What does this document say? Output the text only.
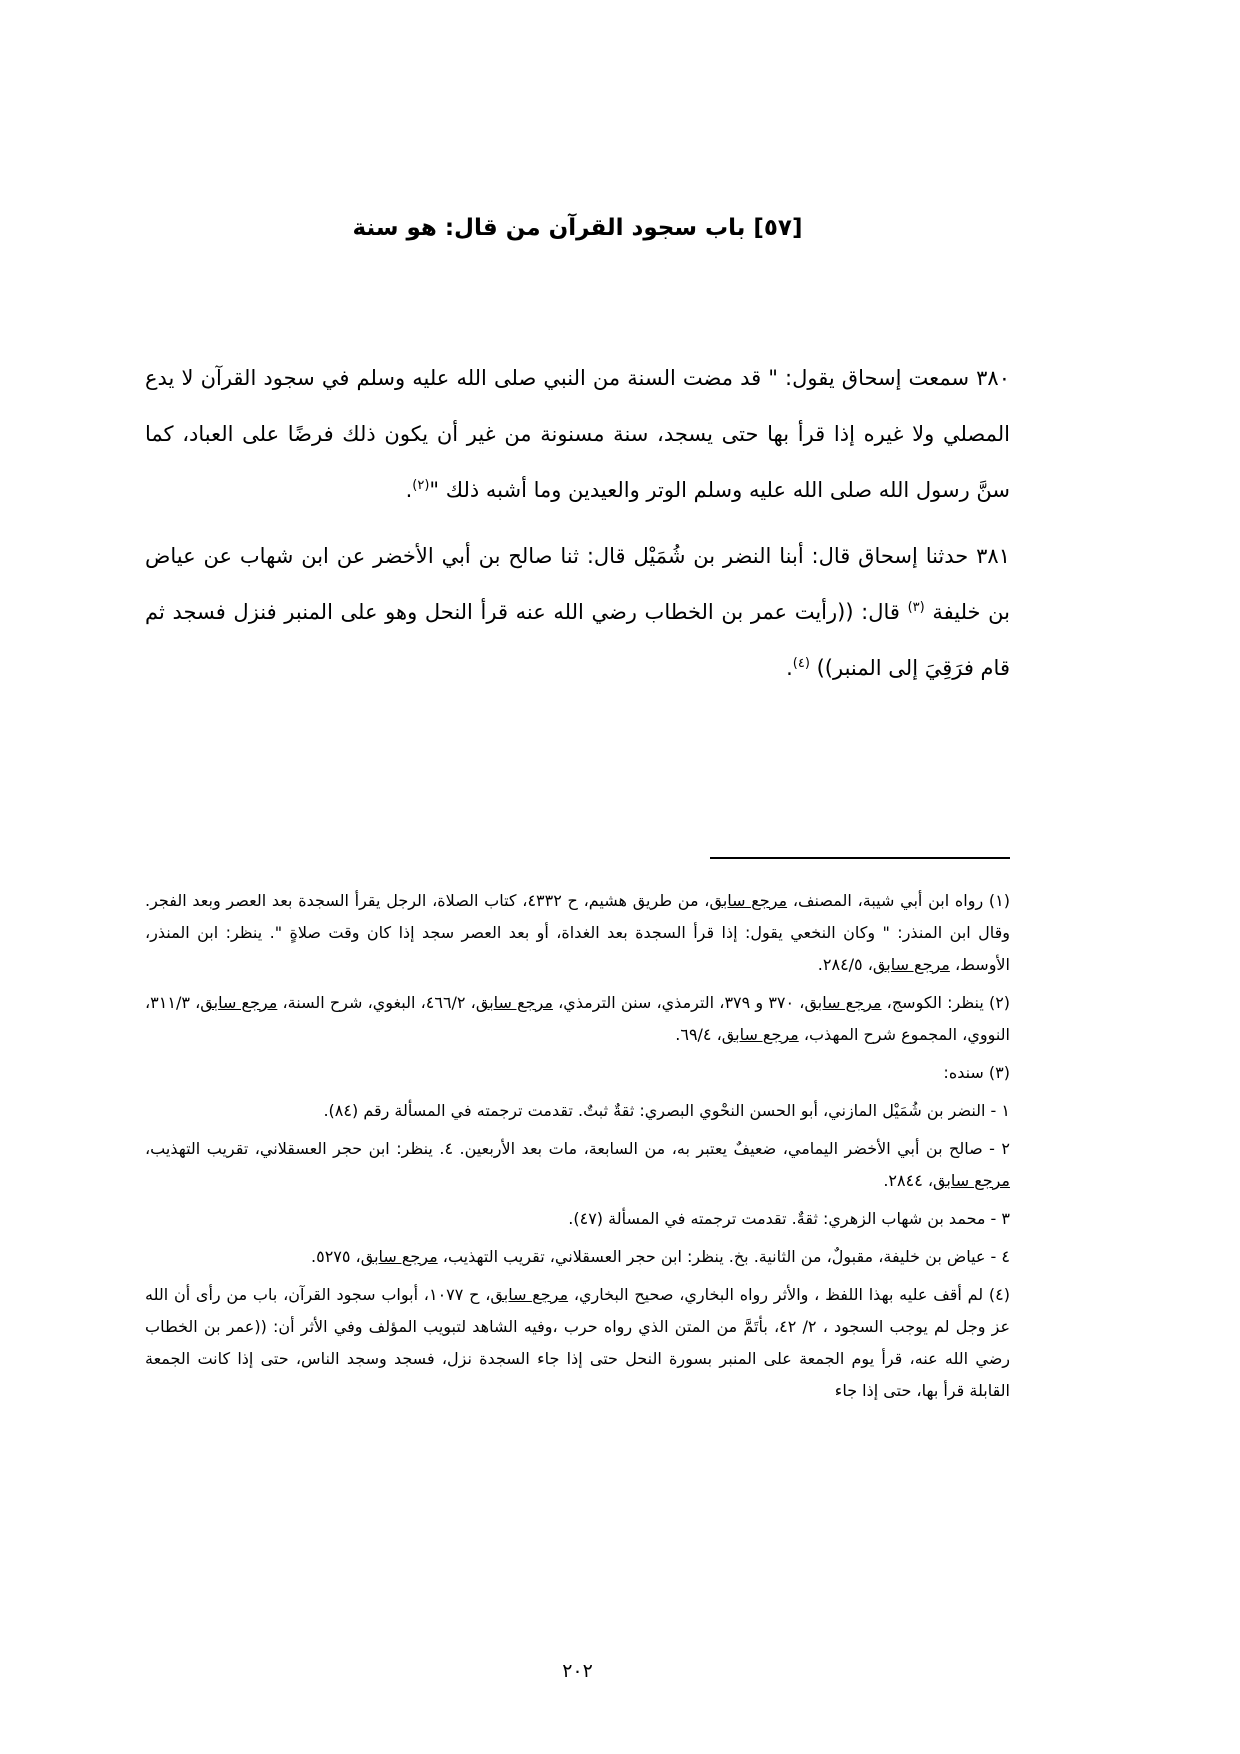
[٥٧] باب سجود القرآن من قال: هو سنة

٣٨٠ سمعت إسحاق يقول: " قد مضت السنة من النبي صلى الله عليه وسلم في سجود القرآن لا يدع المصلي ولا غيره إذا قرأ بها حتى يسجد، سنة مسنونة من غير أن يكون ذلك فرضًا على العباد، كما سنَّ رسول الله صلى الله عليه وسلم الوتر والعيدين وما أشبه ذلك "$^{(٢)}$.

٣٨١ حدثنا إسحاق قال: أبنا النضر بن شُمَيْل قال: ثنا صالح بن أبي الأخضر عن ابن شهاب عن عياض بن خليفة $^{(٣)}$ قال: ((رأيت عمر بن الخطاب رضي الله عنه قرأ النحل وهو على المنبر فنزل فسجد ثم قام فرَقِيَ إلى المنبر)) $^{(٤)}$.

(١) رواه ابن أبي شيبة، المصنف، مرجع سابق، من طريق هشيم، ح ٤٣٣٢، كتاب الصلاة، الرجل يقرأ السجدة بعد العصر وبعد الفجر. وقال ابن المنذر: " وكان النخعي يقول: إذا قرأ السجدة بعد الغداة، أو بعد العصر سجد إذا كان وقت صلاةٍ ". ينظر: ابن المنذر، الأوسط، مرجع سابق، ٢٨٤/٥.

(٢) ينظر: الكوسج، مرجع سابق، ٣٧٠ و ٣٧٩، الترمذي، سنن الترمذي، مرجع سابق، ٤٦٦/٢، البغوي، شرح السنة، مرجع سابق، ٣١١/٣، النووي، المجموع شرح المهذب، مرجع سابق، ٦٩/٤.

(٣) سنده:

١ - النضر بن شُمَيْل المازني، أبو الحسن النحْوي البصري: ثقةٌ ثبتٌ. تقدمت ترجمته في المسألة رقم (٨٤).

٢ - صالح بن أبي الأخضر اليمامي، ضعيفٌ يعتبر به، من السابعة، مات بعد الأربعين. ٤. ينظر: ابن حجر العسقلاني، تقريب التهذيب، مرجع سابق، ٢٨٤٤.

٣ - محمد بن شهاب الزهري: ثقةٌ. تقدمت ترجمته في المسألة (٤٧).

٤ - عياض بن خليفة، مقبولٌ، من الثانية. بخ. ينظر: ابن حجر العسقلاني، تقريب التهذيب، مرجع سابق، ٥٢٧٥.

(٤) لم أقف عليه بهذا اللفظ ، والأثر رواه البخاري، صحيح البخاري، مرجع سابق، ح ١٠٧٧، أبواب سجود القرآن، باب من رأى أن الله عز وجل لم يوجب السجود ، ٢/ ٤٢، بأتَمَّ من المتن الذي رواه حرب ،وفيه الشاهد لتبويب المؤلف وفي الأثر أن: ((عمر بن الخطاب رضي الله عنه، قرأ يوم الجمعة على المنبر بسورة النحل حتى إذا جاء السجدة نزل، فسجد وسجد الناس، حتى إذا كانت الجمعة القابلة قرأ بها، حتى إذا جاء

٢٠٢
